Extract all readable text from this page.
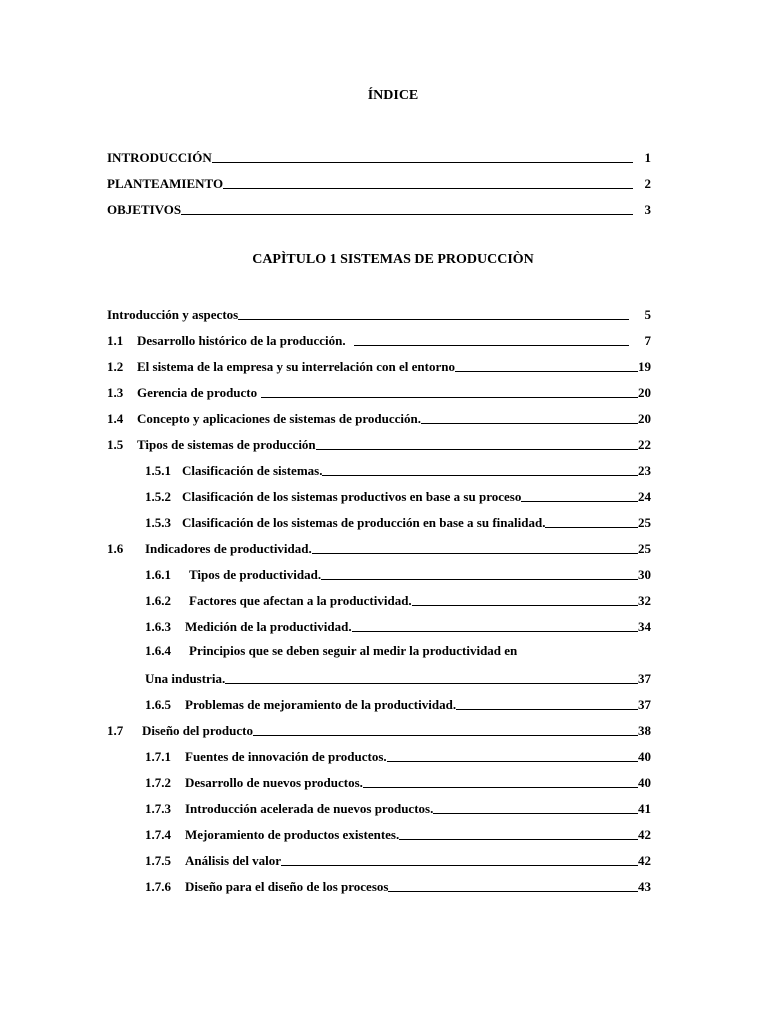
ÍNDICE
INTRODUCCIÓN	1
PLANTEAMIENTO	2
OBJETIVOS	3
CAPÌTULO 1 SISTEMAS DE PRODUCCIÒN
Introducción y aspectos	5
1.1	Desarrollo histórico de la producción.	7
1.2	El sistema de la empresa y su interrelación con el entorno	19
1.3	Gerencia de producto	20
1.4	Concepto y aplicaciones de sistemas de producción.	20
1.5	Tipos de sistemas de producción	22
1.5.1 Clasificación de sistemas.	23
1.5.2 Clasificación de los sistemas productivos en base a su proceso	24
1.5.3 Clasificación de los sistemas de producción en base a su finalidad.	25
1.6	Indicadores de productividad.	25
1.6.1	Tipos de productividad.	30
1.6.2	Factores que afectan a la productividad.	32
1.6.3	Medición de la productividad.	34
1.6.4 Principios que se deben seguir al medir la productividad en
Una industria.	37
1.6.5	Problemas de mejoramiento de la productividad.	37
1.7	Diseño del producto	38
1.7.1	Fuentes de innovación de productos.	40
1.7.2	Desarrollo de nuevos productos.	40
1.7.3	Introducción acelerada de nuevos productos.	41
1.7.4	Mejoramiento de productos existentes.	42
1.7.5	Análisis del valor	42
1.7.6	Diseño para el diseño de los procesos	43
